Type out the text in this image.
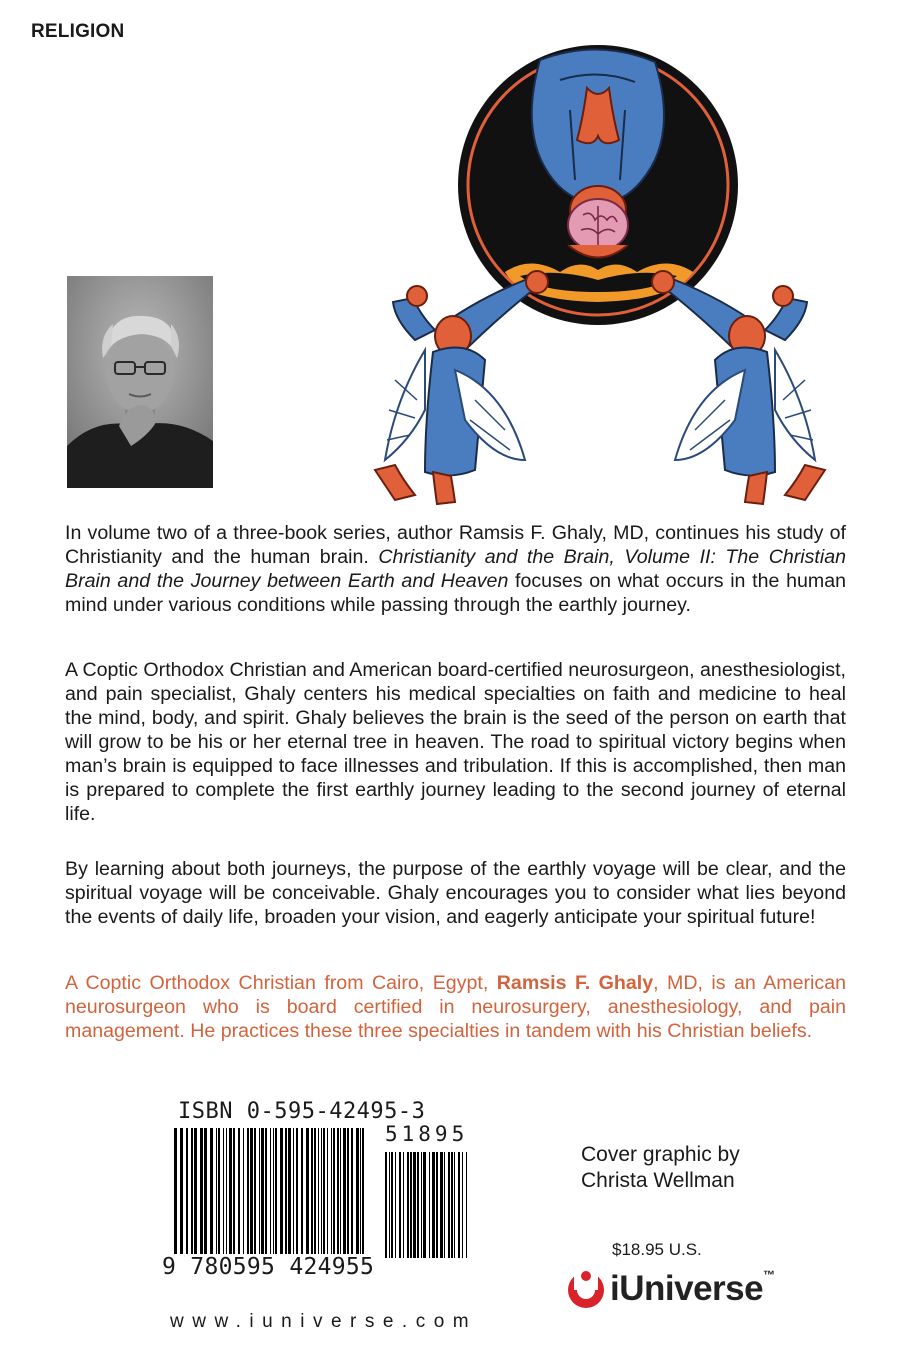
RELIGION

In volume two of a three-book series, author Ramsis F. Ghaly, MD, continues his study of Christianity and the human brain. Christianity and the Brain, Volume II: The Christian Brain and the Journey between Earth and Heaven focuses on what occurs in the human mind under various conditions while passing through the earthly journey.

A Coptic Orthodox Christian and American board-certified neurosurgeon, anesthesiologist, and pain specialist, Ghaly centers his medical specialties on faith and medicine to heal the mind, body, and spirit. Ghaly believes the brain is the seed of the person on earth that will grow to be his or her eternal tree in heaven. The road to spiritual victory begins when man’s brain is equipped to face illnesses and tribulation. If this is accomplished, then man is prepared to complete the first earthly journey leading to the second journey of eternal life.

By learning about both journeys, the purpose of the earthly voyage will be clear, and the spiritual voyage will be conceivable. Ghaly encourages you to consider what lies beyond the events of daily life, broaden your vision, and eagerly anticipate your spiritual future!

A Coptic Orthodox Christian from Cairo, Egypt, Ramsis F. Ghaly, MD, is an American neurosurgeon who is board certified in neurosurgery, anesthesiology, and pain management. He practices these three specialties in tandem with his Christian beliefs.

ISBN 0-595-42495-3
51895
9 780595 424955
www.iuniverse.com
Cover graphic by
Christa Wellman
$18.95 U.S.
iUniverse™
